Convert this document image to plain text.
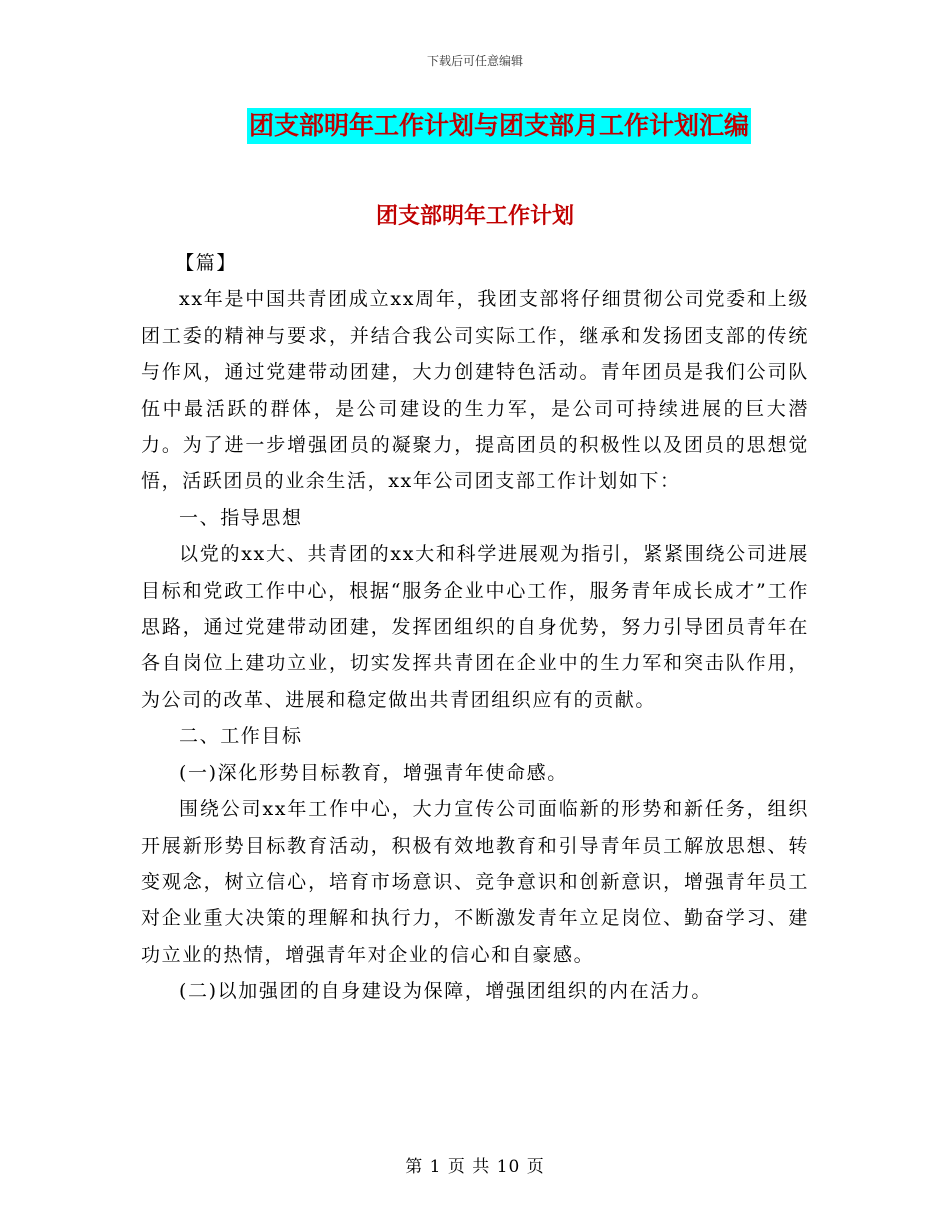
下载后可任意编辑
团支部明年工作计划与团支部月工作计划汇编
团支部明年工作计划

【篇】

xx年是中国共青团成立xx周年，我团支部将仔细贯彻公司党委和上级团工委的精神与要求，并结合我公司实际工作，继承和发扬团支部的传统与作风，通过党建带动团建，大力创建特色活动。青年团员是我们公司队伍中最活跃的群体，是公司建设的生力军，是公司可持续进展的巨大潜力。为了进一步增强团员的凝聚力，提高团员的积极性以及团员的思想觉悟，活跃团员的业余生活，xx年公司团支部工作计划如下：

一、指导思想

以党的xx大、共青团的xx大和科学进展观为指引，紧紧围绕公司进展目标和党政工作中心，根据“服务企业中心工作，服务青年成长成才”工作思路，通过党建带动团建，发挥团组织的自身优势，努力引导团员青年在各自岗位上建功立业，切实发挥共青团在企业中的生力军和突击队作用，为公司的改革、进展和稳定做出共青团组织应有的贡献。

二、工作目标

(一)深化形势目标教育，增强青年使命感。

围绕公司xx年工作中心，大力宣传公司面临新的形势和新任务，组织开展新形势目标教育活动，积极有效地教育和引导青年员工解放思想、转变观念，树立信心，培育市场意识、竞争意识和创新意识，增强青年员工对企业重大决策的理解和执行力，不断激发青年立足岗位、勤奋学习、建功立业的热情，增强青年对企业的信心和自豪感。

(二)以加强团的自身建设为保障，增强团组织的内在活力。

第 1 页 共 10 页
